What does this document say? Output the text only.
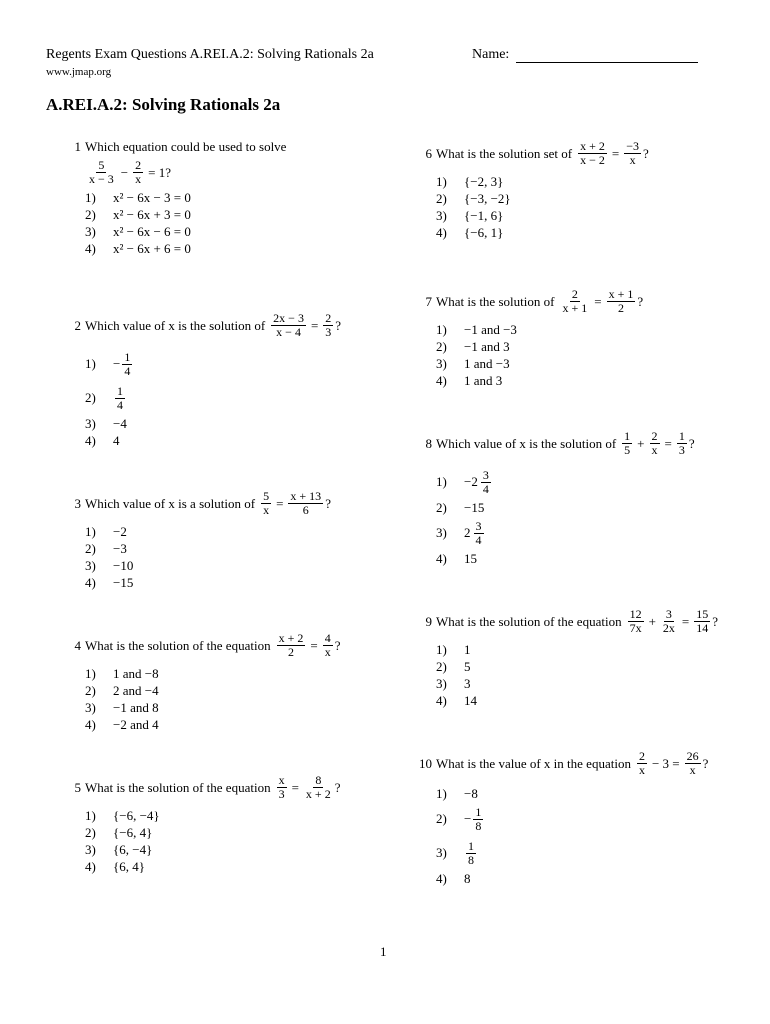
Regents Exam Questions A.REI.A.2: Solving Rationals 2a	Name:
www.jmap.org
A.REI.A.2: Solving Rationals 2a
1 Which equation could be used to solve
$\frac{5}{x - 3} - \frac{2}{x} = 1$?
1)	x² − 6x − 3 = 0
2)	x² − 6x + 3 = 0
3)	x² − 6x − 6 = 0
4)	x² − 6x + 6 = 0
2 Which value of x is the solution of $\frac{2x - 3}{x - 4} = \frac{2}{3}$ ?
1)	− $\frac{1}{4}$
2)	$\frac{1}{4}$
3)	−4
4)	4
3 Which value of x is a solution of $\frac{5}{x} = \frac{x + 13}{6}$ ?
1)	−2
2)	−3
3)	−10
4)	−15
4 What is the solution of the equation $\frac{x + 2}{2} = \frac{4}{x}$ ?
1)	1 and −8
2)	2 and −4
3)	−1 and 8
4)	−2 and 4
5 What is the solution of the equation $\frac{x}{3} = \frac{8}{x + 2}$ ?
1)	{−6, −4}
2)	{−6, 4}
3)	{6, −4}
4)	{6, 4}
6 What is the solution set of $\frac{x + 2}{x - 2} = \frac{-3}{x}$ ?
1)	{−2, 3}
2)	{−3, −2}
3)	{−1, 6}
4)	{−6, 1}
7 What is the solution of $\frac{2}{x + 1} = \frac{x + 1}{2}$ ?
1)	−1 and −3
2)	−1 and 3
3)	1 and −3
4)	1 and 3
8 Which value of x is the solution of $\frac{1}{5} + \frac{2}{x} = \frac{1}{3}$ ?
1)	$-2 \frac{3}{4}$
2)	−15
3)	$2 \frac{3}{4}$
4)	15
9 What is the solution of the equation $\frac{12}{7x} + \frac{3}{2x} = \frac{15}{14}$ ?
1)	1
2)	5
3)	3
4)	14
10 What is the value of x in the equation $\frac{2}{x} - 3 = \frac{26}{x}$ ?
1)	−8
2)	− $\frac{1}{8}$
3)	$\frac{1}{8}$
4)	8
1
